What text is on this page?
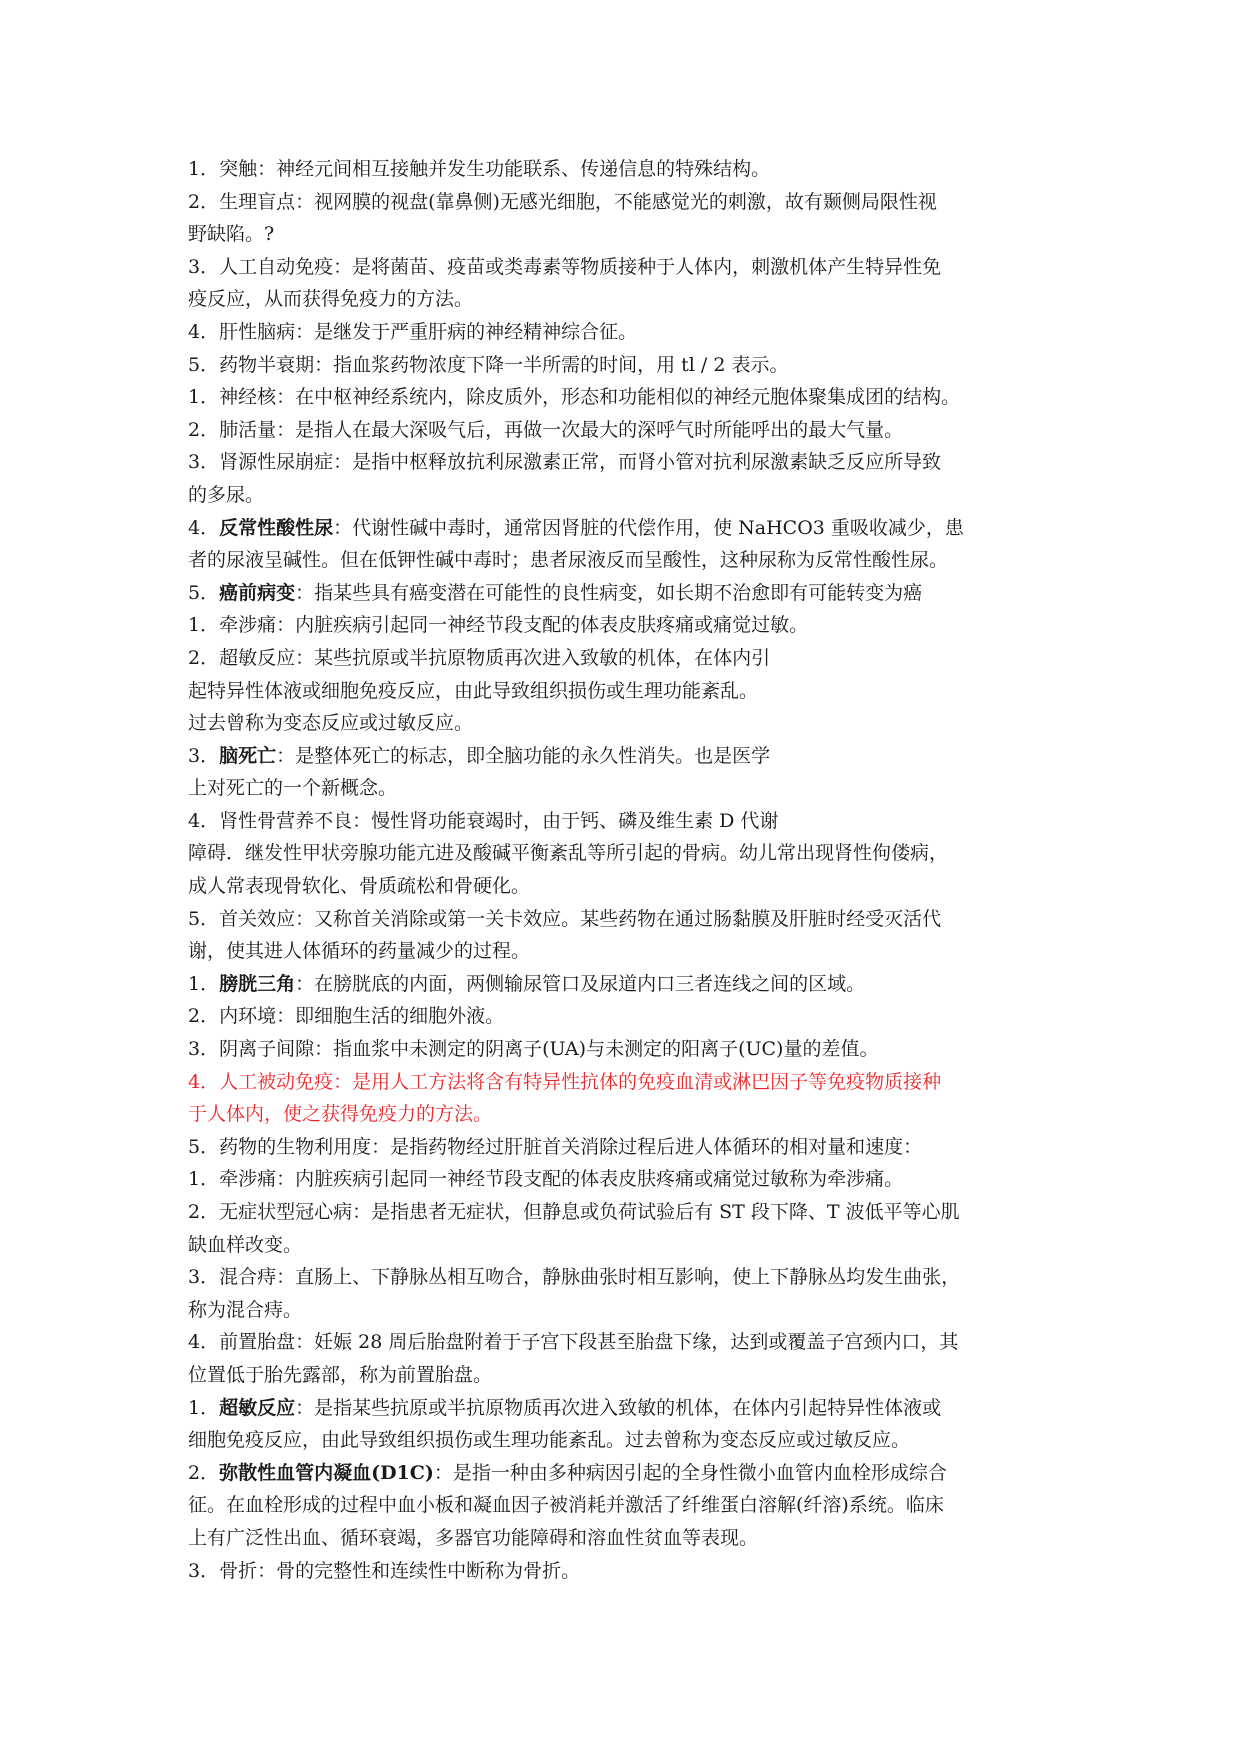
1．突触：神经元间相互接触并发生功能联系、传递信息的特殊结构。
2．生理盲点：视网膜的视盘(靠鼻侧)无感光细胞，不能感觉光的刺激，故有颞侧局限性视
野缺陷。?
3．人工自动免疫：是将菌苗、疫苗或类毒素等物质接种于人体内，刺激机体产生特异性免
疫反应，从而获得免疫力的方法。
4．肝性脑病：是继发于严重肝病的神经精神综合征。
5．药物半衰期：指血浆药物浓度下降一半所需的时间，用 tl / 2 表示。
1．神经核：在中枢神经系统内，除皮质外，形态和功能相似的神经元胞体聚集成团的结构。
2．肺活量：是指人在最大深吸气后，再做一次最大的深呼气时所能呼出的最大气量。
3．肾源性尿崩症：是指中枢释放抗利尿激素正常，而肾小管对抗利尿激素缺乏反应所导致
的多尿。
4．反常性酸性尿：代谢性碱中毒时，通常因肾脏的代偿作用，使 NaHCO3 重吸收减少，患
者的尿液呈碱性。但在低钾性碱中毒时；患者尿液反而呈酸性，这种尿称为反常性酸性尿。
5．癌前病变：指某些具有癌变潜在可能性的良性病变，如长期不治愈即有可能转变为癌
1．牵涉痛：内脏疾病引起同一神经节段支配的体表皮肤疼痛或痛觉过敏。
2．超敏反应：某些抗原或半抗原物质再次进入致敏的机体，在体内引
起特异性体液或细胞免疫反应，由此导致组织损伤或生理功能紊乱。
过去曾称为变态反应或过敏反应。
3．脑死亡：是整体死亡的标志，即全脑功能的永久性消失。也是医学
上对死亡的一个新概念。
4．肾性骨营养不良：慢性肾功能衰竭时，由于钙、磷及维生素 D 代谢
障碍．继发性甲状旁腺功能亢进及酸碱平衡紊乱等所引起的骨病。幼儿常出现肾性佝偻病，
成人常表现骨软化、骨质疏松和骨硬化。
5．首关效应：又称首关消除或第一关卡效应。某些药物在通过肠黏膜及肝脏时经受灭活代
谢，使其进人体循环的药量减少的过程。
1．膀胱三角：在膀胱底的内面，两侧输尿管口及尿道内口三者连线之间的区域。
2．内环境：即细胞生活的细胞外液。
3．阴离子间隙：指血浆中未测定的阴离子(UA)与未测定的阳离子(UC)量的差值。
4．人工被动免疫：是用人工方法将含有特异性抗体的免疫血清或淋巴因子等免疫物质接种
于人体内，使之获得免疫力的方法。
5．药物的生物利用度：是指药物经过肝脏首关消除过程后进人体循环的相对量和速度：
1．牵涉痛：内脏疾病引起同一神经节段支配的体表皮肤疼痛或痛觉过敏称为牵涉痛。
2．无症状型冠心病：是指患者无症状，但静息或负荷试验后有 ST 段下降、T 波低平等心肌
缺血样改变。
3．混合痔：直肠上、下静脉丛相互吻合，静脉曲张时相互影响，使上下静脉丛均发生曲张，
称为混合痔。
4．前置胎盘：妊娠 28 周后胎盘附着于子宫下段甚至胎盘下缘，达到或覆盖子宫颈内口，其
位置低于胎先露部，称为前置胎盘。
1．超敏反应：是指某些抗原或半抗原物质再次进入致敏的机体，在体内引起特异性体液或
细胞免疫反应，由此导致组织损伤或生理功能紊乱。过去曾称为变态反应或过敏反应。
2．弥散性血管内凝血(D1C)：是指一种由多种病因引起的全身性微小血管内血栓形成综合
征。在血栓形成的过程中血小板和凝血因子被消耗并激活了纤维蛋白溶解(纤溶)系统。临床
上有广泛性出血、循环衰竭，多器官功能障碍和溶血性贫血等表现。
3．骨折：骨的完整性和连续性中断称为骨折。
